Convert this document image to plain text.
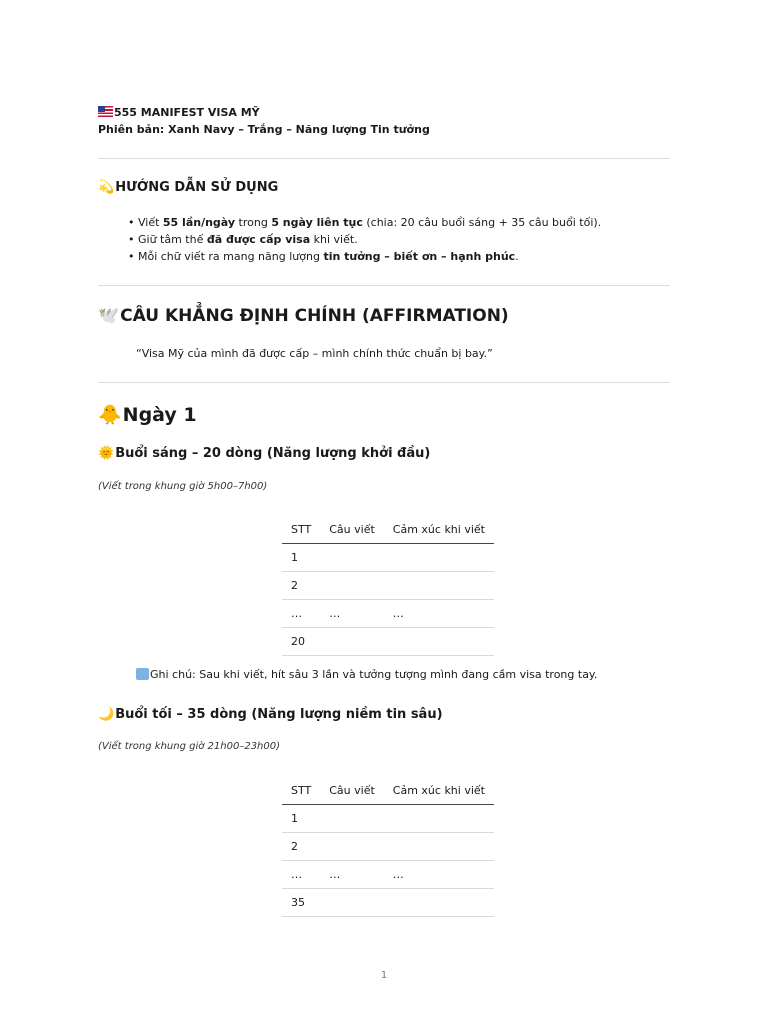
555 MANIFEST VISA MỸ
Phiên bản: Xanh Navy – Trắng – Năng lượng Tin tưởng
💫HƯỚNG DẪN SỬ DỤNG
• Viết 55 lần/ngày trong 5 ngày liên tục (chia: 20 câu buổi sáng + 35 câu buổi tối).
• Giữ tâm thế đã được cấp visa khi viết.
• Mỗi chữ viết ra mang năng lượng tin tưởng – biết ơn – hạnh phúc.
🕊️CÂU KHẲNG ĐỊNH CHÍNH (AFFIRMATION)
“Visa Mỹ của mình đã được cấp – mình chính thức chuẩn bị bay.”
🐥Ngày 1
🌞Buổi sáng – 20 dòng (Năng lượng khởi đầu)
(Viết trong khung giờ 5h00–7h00)
STT	Câu viết	Cảm xúc khi viết
1		
2		
…	…	…
20		
Ghi chú: Sau khi viết, hít sâu 3 lần và tưởng tượng mình đang cầm visa trong tay.
🌙Buổi tối – 35 dòng (Năng lượng niềm tin sâu)
(Viết trong khung giờ 21h00–23h00)
STT	Câu viết	Cảm xúc khi viết
1		
2		
…	…	…
35		
1
